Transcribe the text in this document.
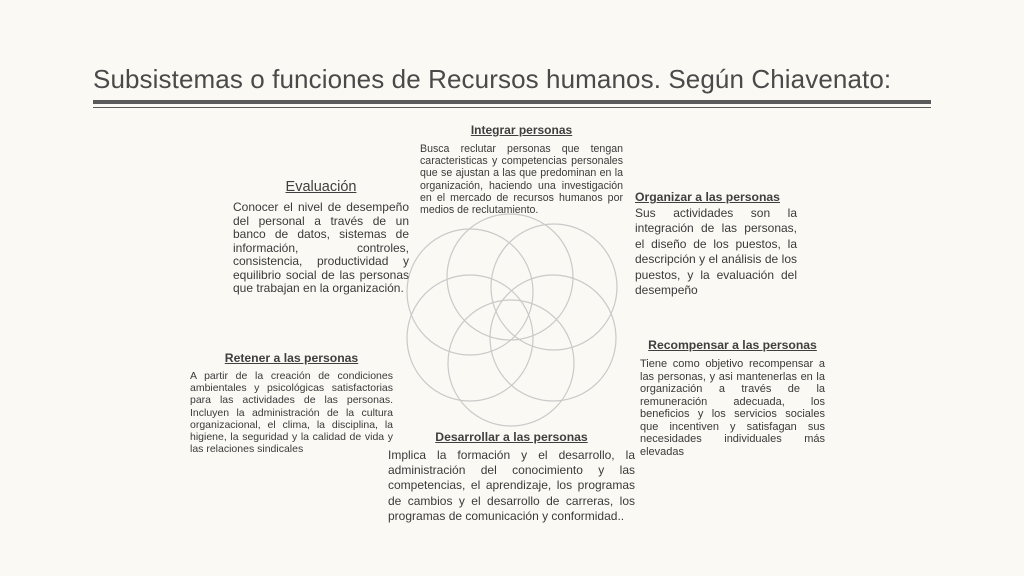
Subsistemas o funciones de Recursos humanos. Según Chiavenato:
Integrar personas
Busca reclutar personas que tengan caracteristicas y competencias personales que se ajustan a las que predominan en la organización, haciendo una investigación en el mercado de recursos humanos por medios de reclutamiento.
Evaluación
Conocer el nivel de desempeño del personal a través de un banco de datos, sistemas de información, controles, consistencia, productividad y equilibrio social de las personas que trabajan en la organización.
Organizar a las personas
Sus actividades son la integración de las personas, el diseño de los puestos, la descripción y el análisis de los puestos, y la evaluación del desempeño
Recompensar a las personas
Tiene como objetivo recompensar a las personas, y asi mantenerlas en la organización a través de la remuneración adecuada, los beneficios y los servicios sociales que incentiven y satisfagan sus necesidades individuales más elevadas
Retener a las personas
A partir de la creación de condiciones ambientales y psicológicas satisfactorias para las actividades de las personas. Incluyen la administración de la cultura organizacional, el clima, la disciplina, la higiene, la seguridad y la calidad de vida y las relaciones sindicales
Desarrollar a las personas
Implica la formación y el desarrollo, la administración del conocimiento y las competencias, el aprendizaje, los programas de cambios y el desarrollo de carreras, los programas de comunicación y conformidad..
